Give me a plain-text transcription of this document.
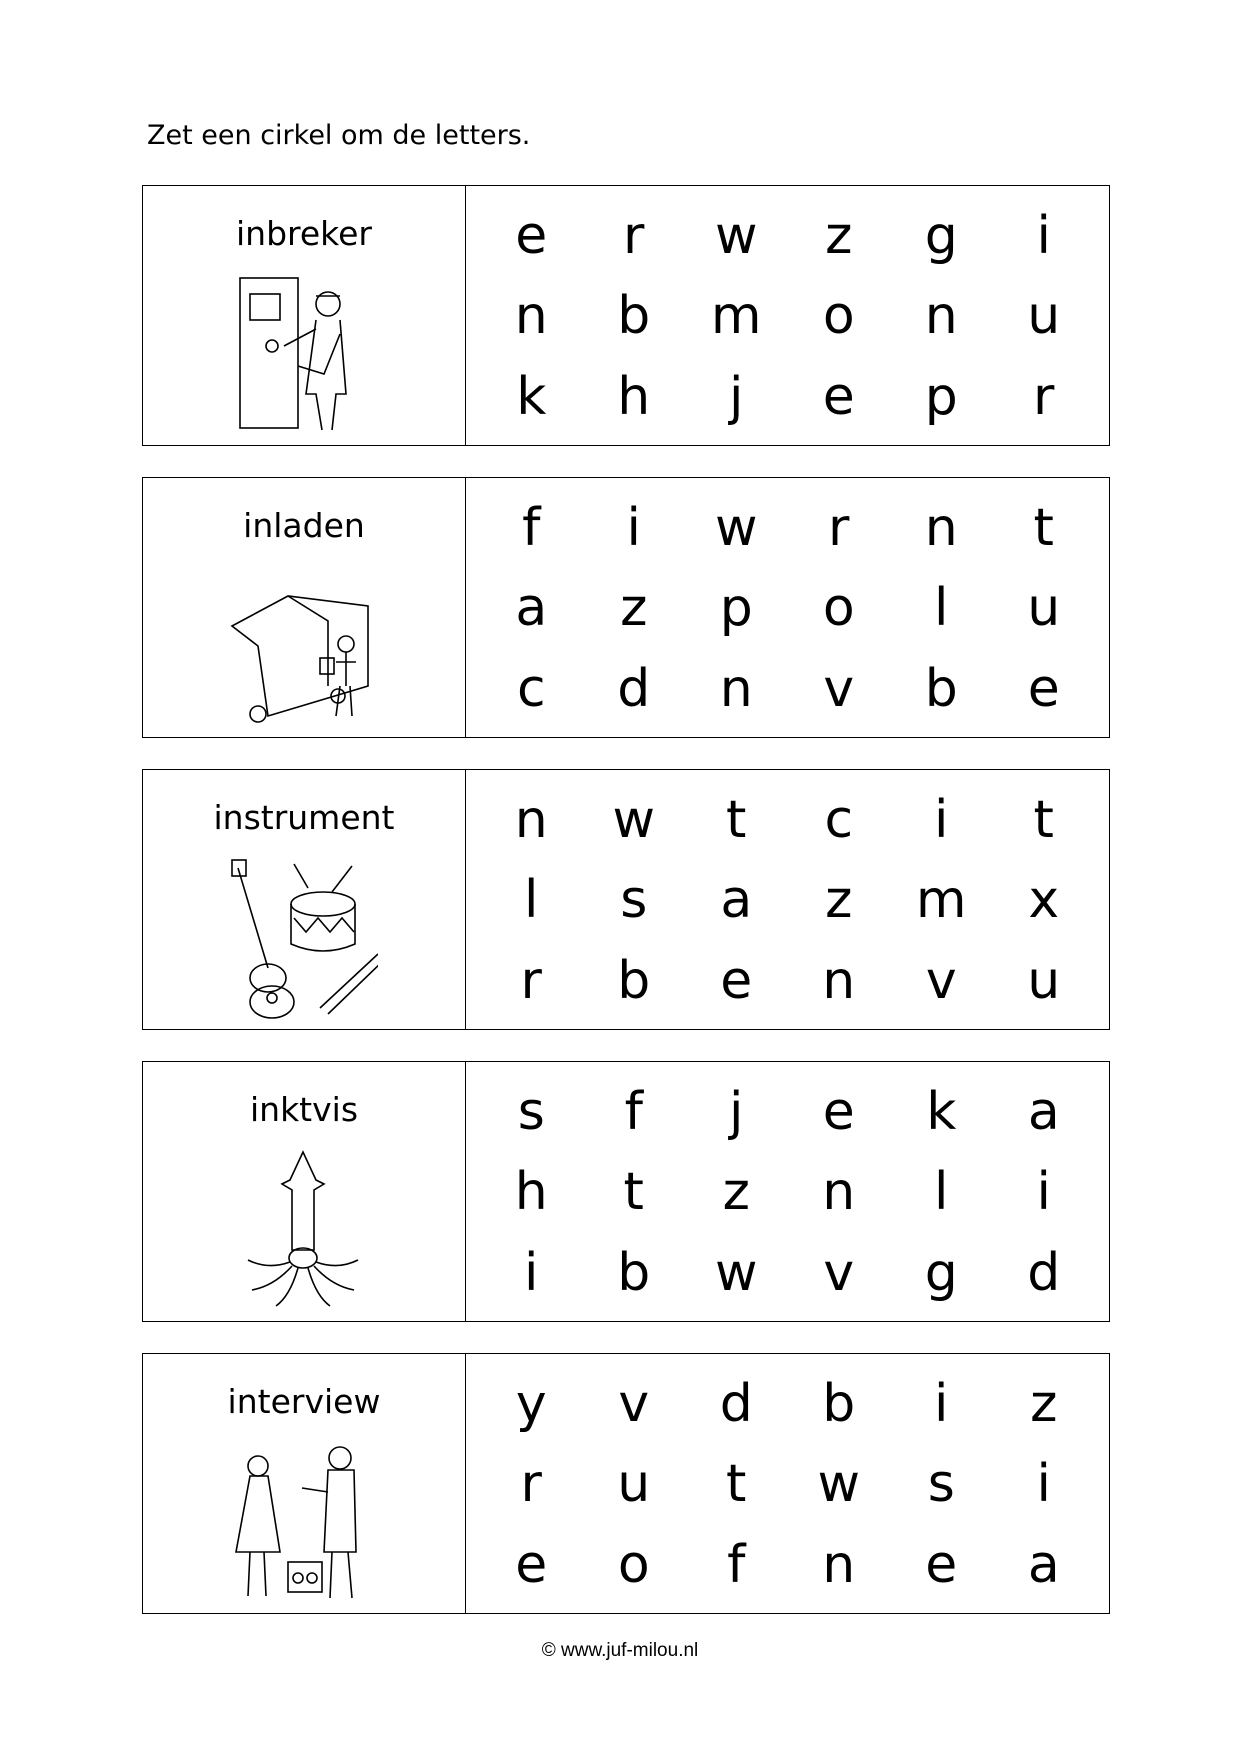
Zet een cirkel om de letters.
inbreker	e	r	w	z	g	i
n	b	m	o	n	u
k	h	j	e	p	r
inladen	f	i	w	r	n	t
a	z	p	o	l	u
c	d	n	v	b	e
instrument	n	w	t	c	i	t
l	s	a	z	m	x
r	b	e	n	v	u
inktvis	s	f	j	e	k	a
h	t	z	n	l	i
i	b	w	v	g	d
interview	y	v	d	b	i	z
r	u	t	w	s	i
e	o	f	n	e	a
© www.juf-milou.nl
